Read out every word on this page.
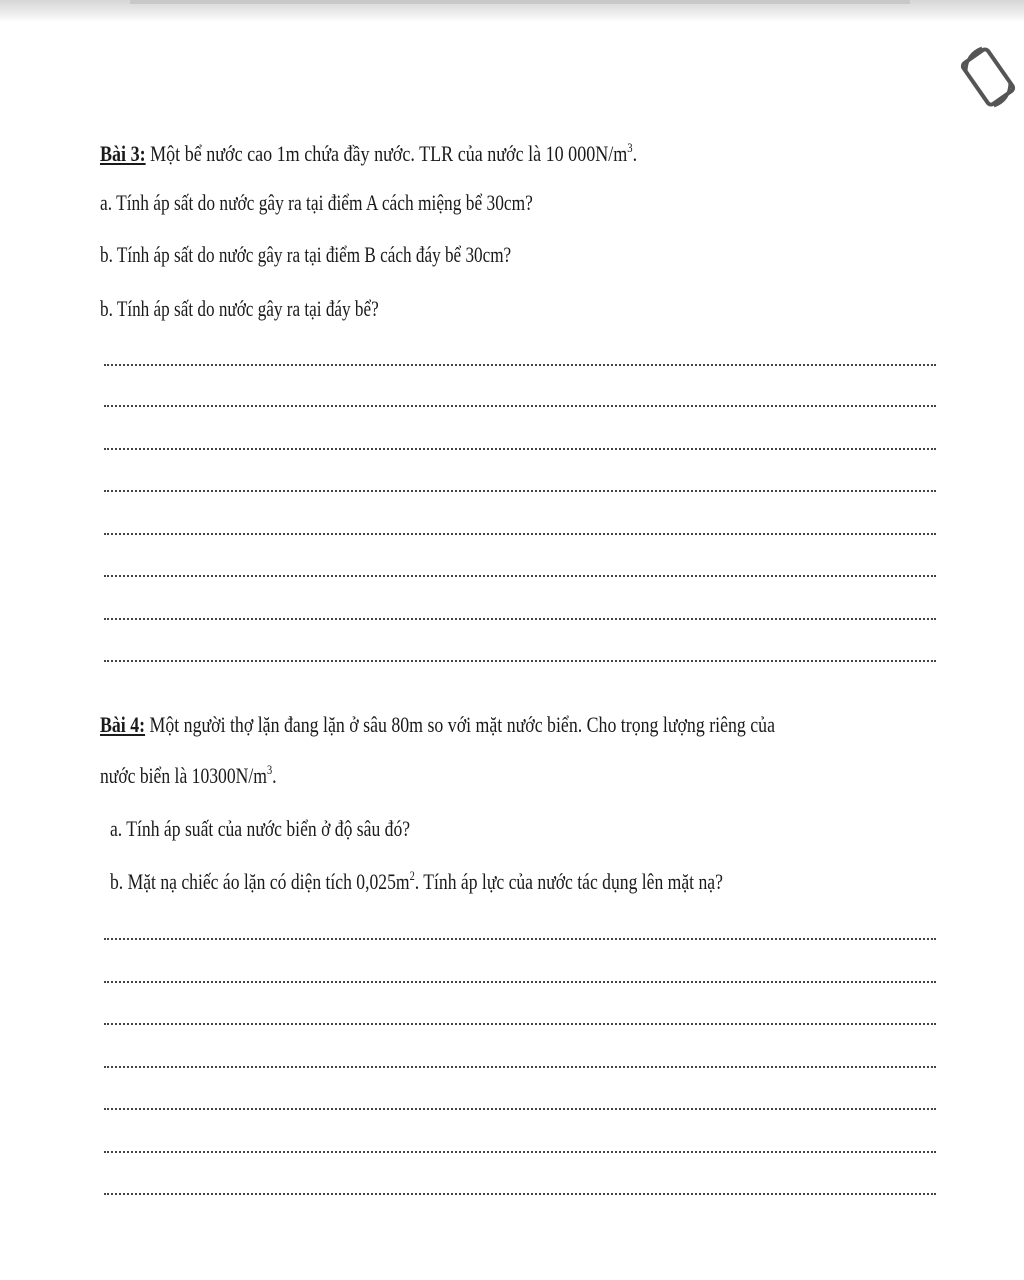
Bài 3: Một bể nước cao 1m chứa đầy nước. TLR của nước là 10 $000N/m^3$.
a. Tính áp sất do nước gây ra tại điểm A cách miệng bể 30cm?
b. Tính áp sất do nước gây ra tại điểm B cách đáy bể 30cm?
b. Tính áp sất do nước gây ra tại đáy bể?
Bài 4: Một người thợ lặn đang lặn ở sâu 80m so với mặt nước biển. Cho trọng lượng riêng của
nước biển là $10300N/m^3$.
a. Tính áp suất của nước biển ở độ sâu đó?
b. Mặt nạ chiếc áo lặn có diện tích $0,025m^2$. Tính áp lực của nước tác dụng lên mặt nạ?
